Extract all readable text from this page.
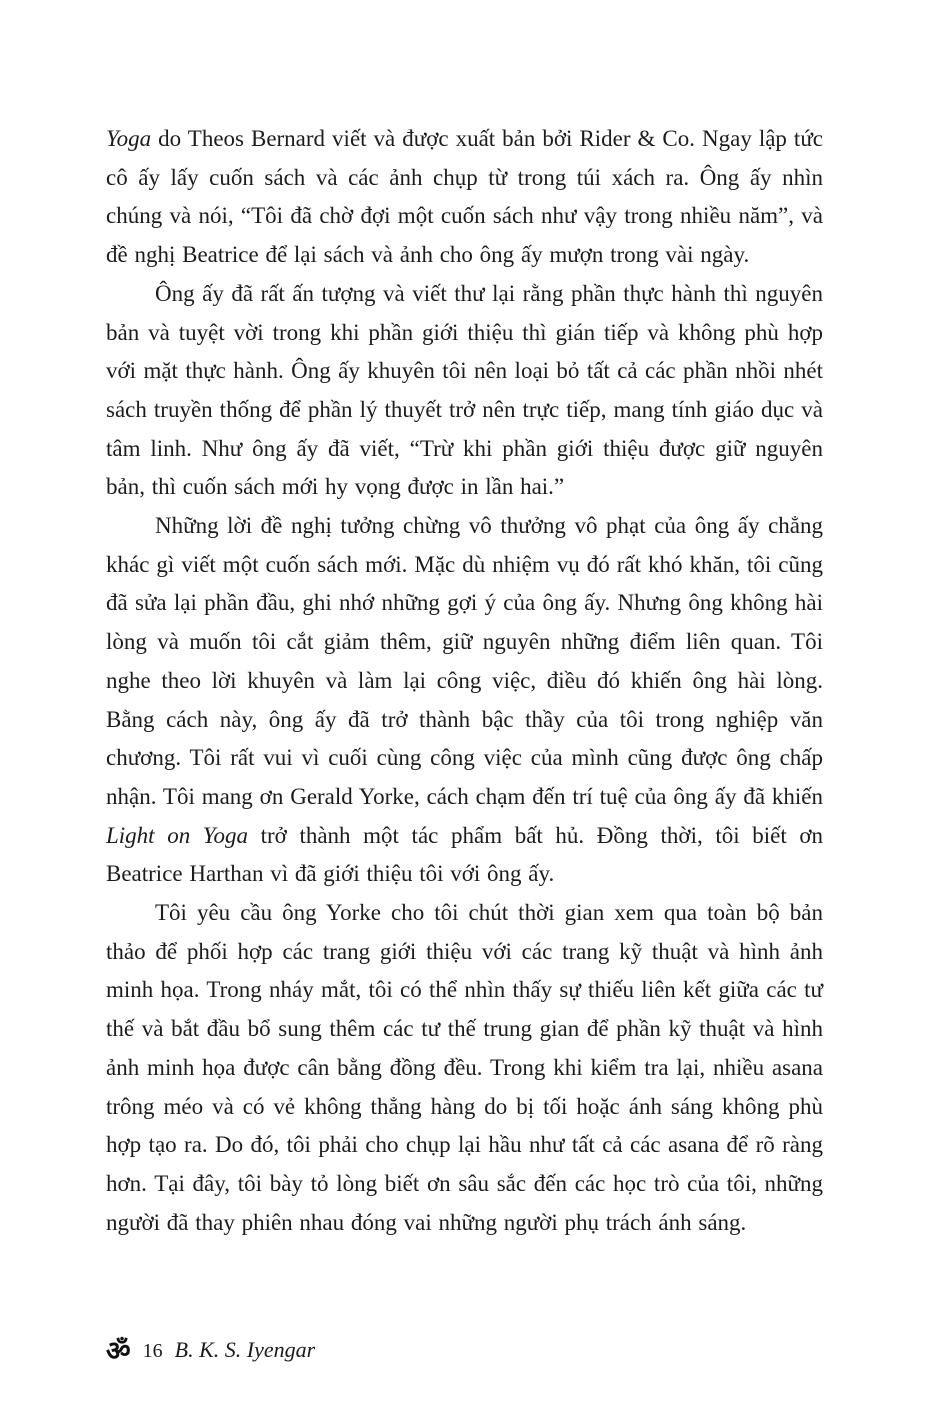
Yoga do Theos Bernard viết và được xuất bản bởi Rider & Co. Ngay lập tức cô ấy lấy cuốn sách và các ảnh chụp từ trong túi xách ra. Ông ấy nhìn chúng và nói, “Tôi đã chờ đợi một cuốn sách như vậy trong nhiều năm”, và đề nghị Beatrice để lại sách và ảnh cho ông ấy mượn trong vài ngày.

Ông ấy đã rất ấn tượng và viết thư lại rằng phần thực hành thì nguyên bản và tuyệt vời trong khi phần giới thiệu thì gián tiếp và không phù hợp với mặt thực hành. Ông ấy khuyên tôi nên loại bỏ tất cả các phần nhồi nhét sách truyền thống để phần lý thuyết trở nên trực tiếp, mang tính giáo dục và tâm linh. Như ông ấy đã viết, “Trừ khi phần giới thiệu được giữ nguyên bản, thì cuốn sách mới hy vọng được in lần hai.”

Những lời đề nghị tưởng chừng vô thưởng vô phạt của ông ấy chẳng khác gì viết một cuốn sách mới. Mặc dù nhiệm vụ đó rất khó khăn, tôi cũng đã sửa lại phần đầu, ghi nhớ những gợi ý của ông ấy. Nhưng ông không hài lòng và muốn tôi cắt giảm thêm, giữ nguyên những điểm liên quan. Tôi nghe theo lời khuyên và làm lại công việc, điều đó khiến ông hài lòng. Bằng cách này, ông ấy đã trở thành bậc thầy của tôi trong nghiệp văn chương. Tôi rất vui vì cuối cùng công việc của mình cũng được ông chấp nhận. Tôi mang ơn Gerald Yorke, cách chạm đến trí tuệ của ông ấy đã khiến Light on Yoga trở thành một tác phẩm bất hủ. Đồng thời, tôi biết ơn Beatrice Harthan vì đã giới thiệu tôi với ông ấy.

Tôi yêu cầu ông Yorke cho tôi chút thời gian xem qua toàn bộ bản thảo để phối hợp các trang giới thiệu với các trang kỹ thuật và hình ảnh minh họa. Trong nháy mắt, tôi có thể nhìn thấy sự thiếu liên kết giữa các tư thế và bắt đầu bổ sung thêm các tư thế trung gian để phần kỹ thuật và hình ảnh minh họa được cân bằng đồng đều. Trong khi kiểm tra lại, nhiều asana trông méo và có vẻ không thẳng hàng do bị tối hoặc ánh sáng không phù hợp tạo ra. Do đó, tôi phải cho chụp lại hầu như tất cả các asana để rõ ràng hơn. Tại đây, tôi bày tỏ lòng biết ơn sâu sắc đến các học trò của tôi, những người đã thay phiên nhau đóng vai những người phụ trách ánh sáng.

ॐ 16 B. K. S. Iyengar
